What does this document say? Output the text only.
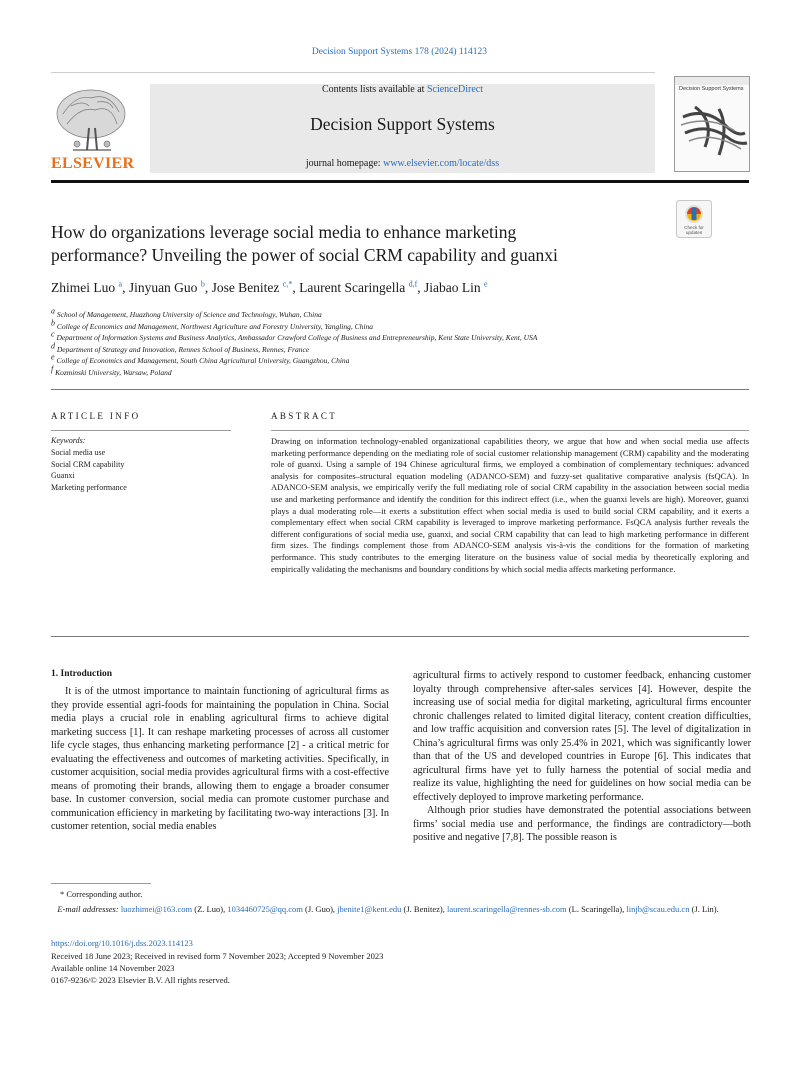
Decision Support Systems 178 (2024) 114123
Contents lists available at ScienceDirect
Decision Support Systems
journal homepage: www.elsevier.com/locate/dss
ELSEVIER
Decision Support Systems
Check for
updates
How do organizations leverage social media to enhance marketing
performance? Unveiling the power of social CRM capability and guanxi
Zhimei Luo $^a$, Jinyuan Guo $^b$, Jose Benitez $^{c,*}$, Laurent Scaringella $^{d,f}$, Jiabao Lin $^e$
$^a$ School of Management, Huazhong University of Science and Technology, Wuhan, China
$^b$ College of Economics and Management, Northwest Agriculture and Forestry University, Yangling, China
$^c$ Department of Information Systems and Business Analytics, Ambassador Crawford College of Business and Entrepreneurship, Kent State University, Kent, USA
$^d$ Department of Strategy and Innovation, Rennes School of Business, Rennes, France
$^e$ College of Economics and Management, South China Agricultural University, Guangzhou, China
$^f$ Kozminski University, Warsaw, Poland
ARTICLE INFO
Keywords:
Social media use
Social CRM capability
Guanxi
Marketing performance
ABSTRACT
Drawing on information technology-enabled organizational capabilities theory, we argue that how and when social media use affects marketing performance depending on the mediating role of social customer relationship management (CRM) capability and the moderating role of guanxi. Using a sample of 194 Chinese agricultural firms, we employed a combination of complementary techniques: advanced analysis for composites–structural equation modeling (ADANCO-SEM) and fuzzy-set qualitative comparative analysis (fsQCA). In ADANCO-SEM analysis, we empirically verify the full mediating role of social CRM capability in the association between social media use and marketing performance and identify the condition for this indirect effect (i.e., when the guanxi levels are high). Moreover, guanxi plays a dual moderating role—it exerts a substitution effect when social media is used to build social CRM capability, and it exerts a complementary effect when social CRM capability is leveraged to improve marketing performance. FsQCA analysis further reveals the different configurations of social media use, guanxi, and social CRM capability that can lead to high marketing performance in different firm sizes. The findings complement those from ADANCO-SEM analysis vis-à-vis the conditions for the formation of marketing performance. This study contributes to the emerging literature on the business value of social media by theoretically exploring and empirically validating the mechanisms and boundary conditions by which social media affects marketing performance.
1. Introduction
It is of the utmost importance to maintain functioning of agricultural firms as they provide essential agri-foods for maintaining the population in China. Social media plays a crucial role in enabling agricultural firms to achieve digital marketing success [1]. It can reshape marketing processes of across all customer life cycle stages, thus enhancing marketing performance [2] - a critical metric for evaluating the effectiveness and outcomes of marketing activities. Specifically, in customer acquisition, social media provides agricultural firms with a cost-effective means of promoting their brands, allowing them to engage a broader consumer base. In customer conversion, social media can promote customer purchase and communication efficiency in marketing by facilitating two-way interactions [3]. In customer retention, social media enables
agricultural firms to actively respond to customer feedback, enhancing customer loyalty through comprehensive after-sales services [4]. However, despite the increasing use of social media for digital marketing, agricultural firms encounter chronic challenges related to limited digital literacy, content creation difficulties, and low traffic acquisition and conversion rates [5]. The level of digitalization in China’s agricultural firms was only 25.4% in 2021, which was significantly lower than that of the US and developed countries in Europe [6]. This indicates that agricultural firms have yet to fully harness the potential of social media and realize its value, highlighting the need for guidelines on how social media can be effectively deployed to improve marketing performance.
Although prior studies have demonstrated the potential associations between firms’ social media use and performance, the findings are contradictory—both positive and negative [7,8]. The possible reason is
* Corresponding author.
E-mail addresses: luozhimei@163.com (Z. Luo), 1034460725@qq.com (J. Guo), jbenite1@kent.edu (J. Benitez), laurent.scaringella@rennes-sb.com (L. Scaringella), linjb@scau.edu.cn (J. Lin).
https://doi.org/10.1016/j.dss.2023.114123
Received 18 June 2023; Received in revised form 7 November 2023; Accepted 9 November 2023
Available online 14 November 2023
0167-9236/© 2023 Elsevier B.V. All rights reserved.
